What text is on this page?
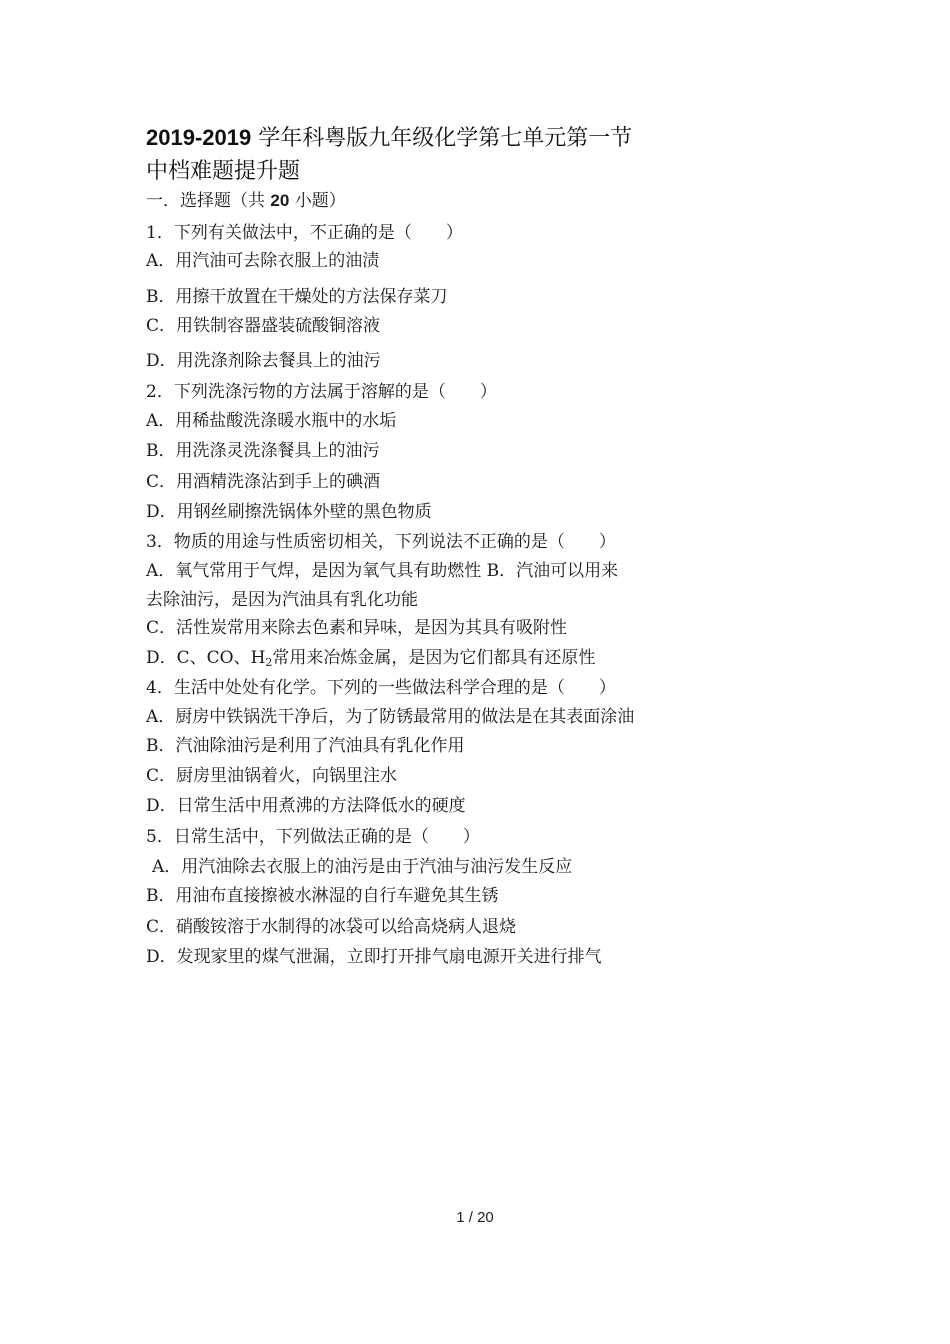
2019-2019 学年科粤版九年级化学第七单元第一节
中档难题提升题
一．选择题（共 20 小题）
1．下列有关做法中，不正确的是（　　）
A．用汽油可去除衣服上的油渍
B．用擦干放置在干燥处的方法保存菜刀
C．用铁制容器盛装硫酸铜溶液
D．用洗涤剂除去餐具上的油污
2．下列洗涤污物的方法属于溶解的是（　　）
A．用稀盐酸洗涤暖水瓶中的水垢
B．用洗涤灵洗涤餐具上的油污
C．用酒精洗涤沾到手上的碘酒
D．用钢丝刷擦洗锅体外壁的黑色物质
3．物质的用途与性质密切相关，下列说法不正确的是（　　）
A．氧气常用于气焊，是因为氧气具有助燃性 B．汽油可以用来
去除油污，是因为汽油具有乳化功能
C．活性炭常用来除去色素和异味，是因为其具有吸附性
D．C、CO、$H_2$常用来冶炼金属，是因为它们都具有还原性
4．生活中处处有化学。下列的一些做法科学合理的是（　　）
A．厨房中铁锅洗干净后，为了防锈最常用的做法是在其表面涂油
B．汽油除油污是利用了汽油具有乳化作用
C．厨房里油锅着火，向锅里注水
D．日常生活中用煮沸的方法降低水的硬度
5．日常生活中，下列做法正确的是（　　）
A．用汽油除去衣服上的油污是由于汽油与油污发生反应
B．用油布直接擦被水淋湿的自行车避免其生锈
C．硝酸铵溶于水制得的冰袋可以给高烧病人退烧
D．发现家里的煤气泄漏，立即打开排气扇电源开关进行排气
1 / 20
